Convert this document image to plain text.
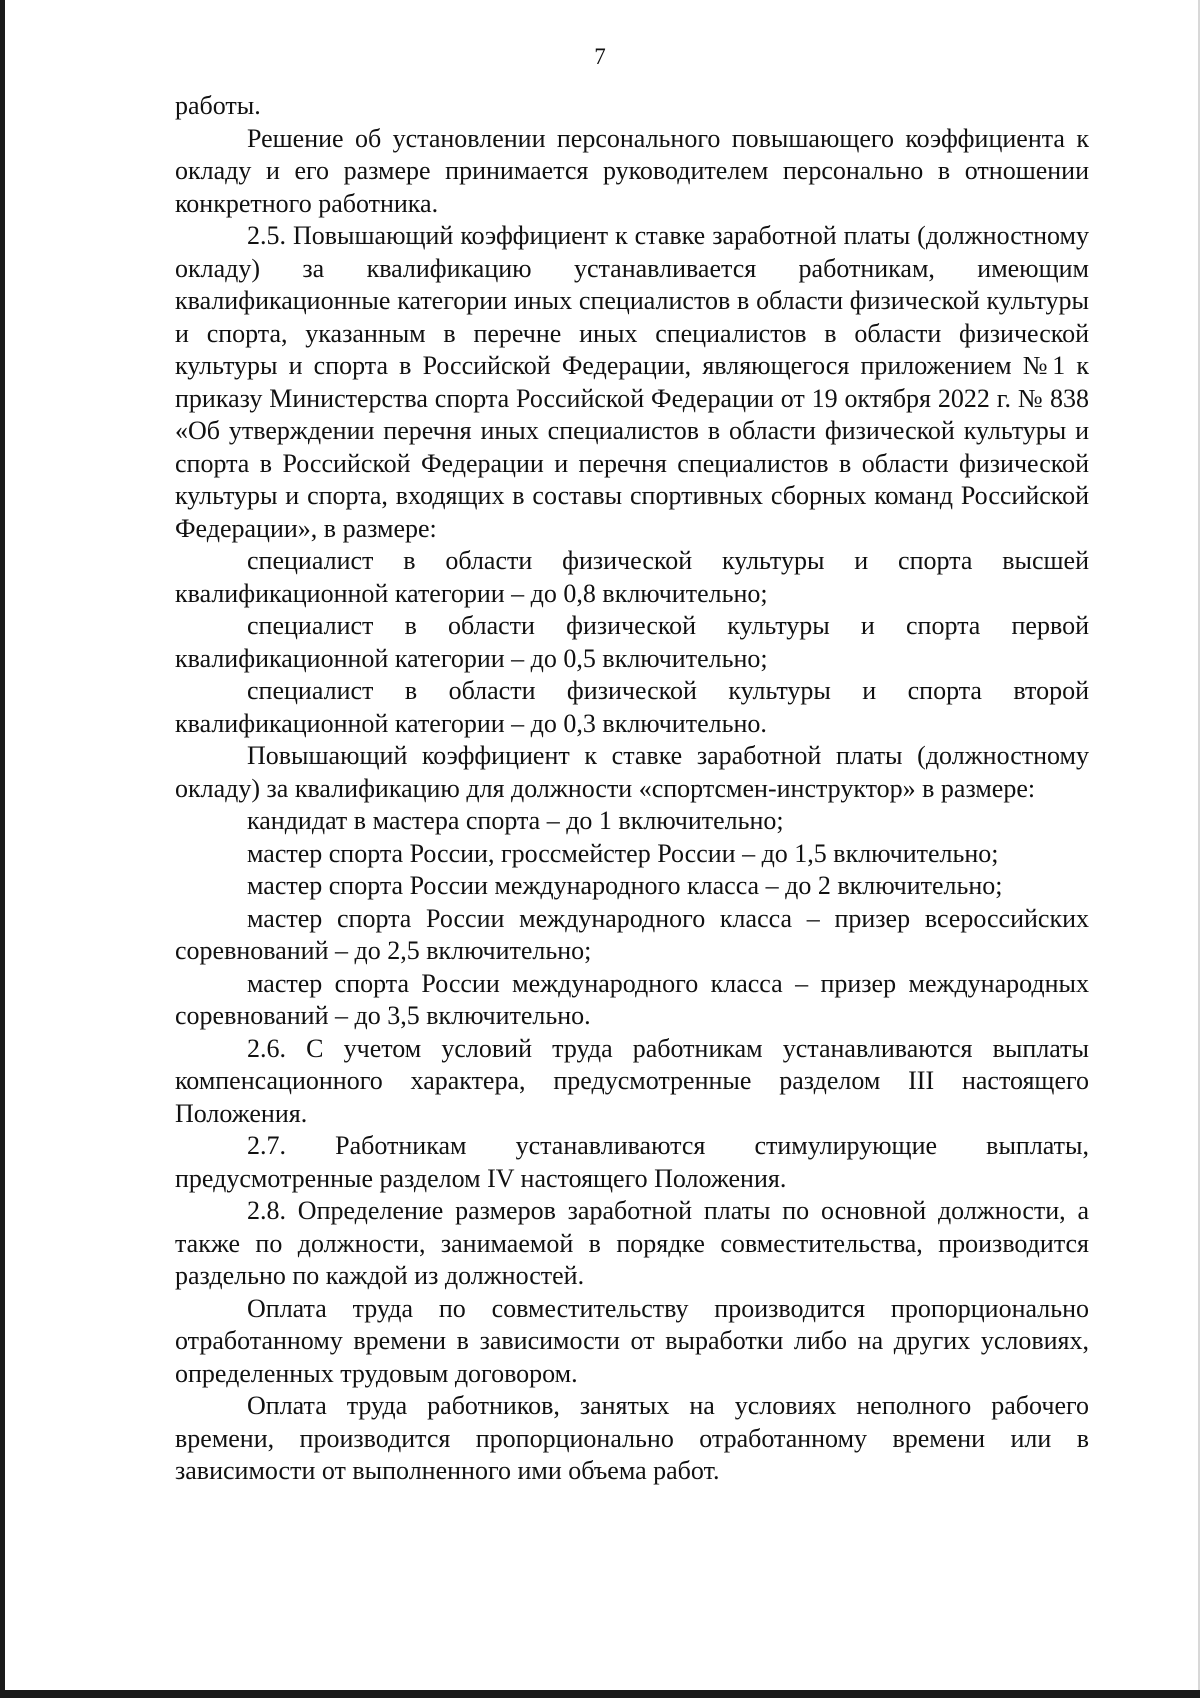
7

работы.

Решение об установлении персонального повышающего коэффициента к окладу и его размере принимается руководителем персонально в отношении конкретного работника.

2.5. Повышающий коэффициент к ставке заработной платы (должностному окладу) за квалификацию устанавливается работникам, имеющим квалификационные категории иных специалистов в области физической культуры и спорта, указанным в перечне иных специалистов в области физической культуры и спорта в Российской Федерации, являющегося приложением №1 к приказу Министерства спорта Российской Федерации от 19 октября 2022 г. № 838 «Об утверждении перечня иных специалистов в области физической культуры и спорта в Российской Федерации и перечня специалистов в области физической культуры и спорта, входящих в составы спортивных сборных команд Российской Федерации», в размере:

специалист в области физической культуры и спорта высшей квалификационной категории – до 0,8 включительно;

специалист в области физической культуры и спорта первой квалификационной категории – до 0,5 включительно;

специалист в области физической культуры и спорта второй квалификационной категории – до 0,3 включительно.

Повышающий коэффициент к ставке заработной платы (должностному окладу) за квалификацию для должности «спортсмен-инструктор» в размере:

кандидат в мастера спорта – до 1 включительно;

мастер спорта России, гроссмейстер России – до 1,5 включительно;

мастер спорта России международного класса – до 2 включительно;

мастер спорта России международного класса – призер всероссийских соревнований – до 2,5 включительно;

мастер спорта России международного класса – призер международных соревнований – до 3,5 включительно.

2.6. С учетом условий труда работникам устанавливаются выплаты компенсационного характера, предусмотренные разделом III настоящего Положения.

2.7. Работникам устанавливаются стимулирующие выплаты, предусмотренные разделом IV настоящего Положения.

2.8. Определение размеров заработной платы по основной должности, а также по должности, занимаемой в порядке совместительства, производится раздельно по каждой из должностей.

Оплата труда по совместительству производится пропорционально отработанному времени в зависимости от выработки либо на других условиях, определенных трудовым договором.

Оплата труда работников, занятых на условиях неполного рабочего времени, производится пропорционально отработанному времени или в зависимости от выполненного ими объема работ.
